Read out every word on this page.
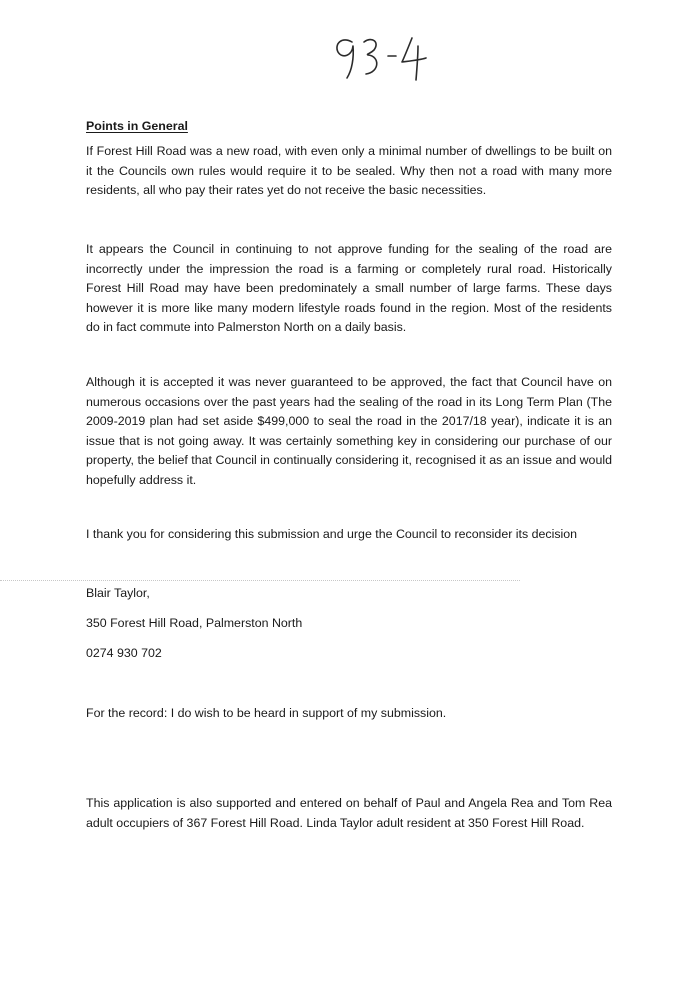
Points in General

If Forest Hill Road was a new road, with even only a minimal number of dwellings to be built on it the Councils own rules would require it to be sealed. Why then not a road with many more residents, all who pay their rates yet do not receive the basic necessities.

It appears the Council in continuing to not approve funding for the sealing of the road are incorrectly under the impression the road is a farming or completely rural road. Historically Forest Hill Road may have been predominately a small number of large farms. These days however it is more like many modern lifestyle roads found in the region. Most of the residents do in fact commute into Palmerston North on a daily basis.

Although it is accepted it was never guaranteed to be approved, the fact that Council have on numerous occasions over the past years had the sealing of the road in its Long Term Plan (The 2009-2019 plan had set aside $499,000 to seal the road in the 2017/18 year), indicate it is an issue that is not going away. It was certainly something key in considering our purchase of our property, the belief that Council in continually considering it, recognised it as an issue and would hopefully address it.

I thank you for considering this submission and urge the Council to reconsider its decision

Blair Taylor,

350 Forest Hill Road, Palmerston North

0274 930 702

For the record: I do wish to be heard in support of my submission.

This application is also supported and entered on behalf of Paul and Angela Rea and Tom Rea adult occupiers of 367 Forest Hill Road. Linda Taylor adult resident at 350 Forest Hill Road.
